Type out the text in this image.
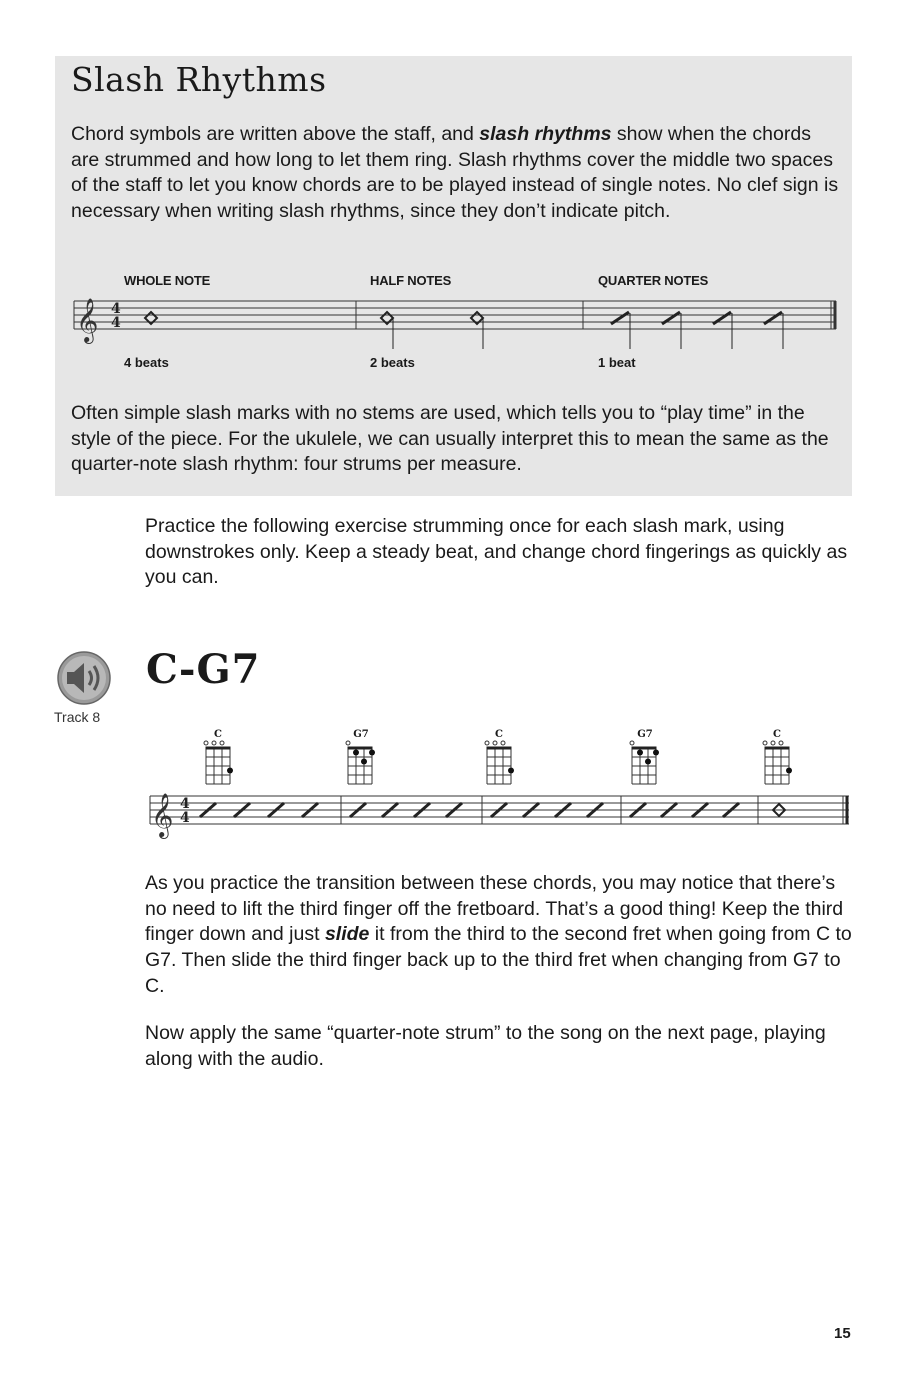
Slash Rhythms

Chord symbols are written above the staff, and slash rhythms show when the chords are strummed and how long to let them ring. Slash rhythms cover the middle two spaces of the staff to let you know chords are to be played instead of single notes. No clef sign is necessary when writing slash rhythms, since they don’t indicate pitch.

WHOLE NOTE	HALF NOTES	QUARTER NOTES
𝄞 4
4
4 beats	2 beats	1 beat

Often simple slash marks with no stems are used, which tells you to “play time” in the style of the piece. For the ukulele, we can usually interpret this to mean the same as the quarter-note slash rhythm: four strums per measure.

Practice the following exercise strumming once for each slash mark, using downstrokes only. Keep a steady beat, and change chord fingerings as quickly as you can.

Track 8
C-G7
C	G7	C	G7	C
𝄞 4
4

As you practice the transition between these chords, you may notice that there’s no need to lift the third finger off the fretboard. That’s a good thing! Keep the third finger down and just slide it from the third to the second fret when going from C to G7. Then slide the third finger back up to the third fret when changing from G7 to C.

Now apply the same “quarter-note strum” to the song on the next page, playing along with the audio.

15
